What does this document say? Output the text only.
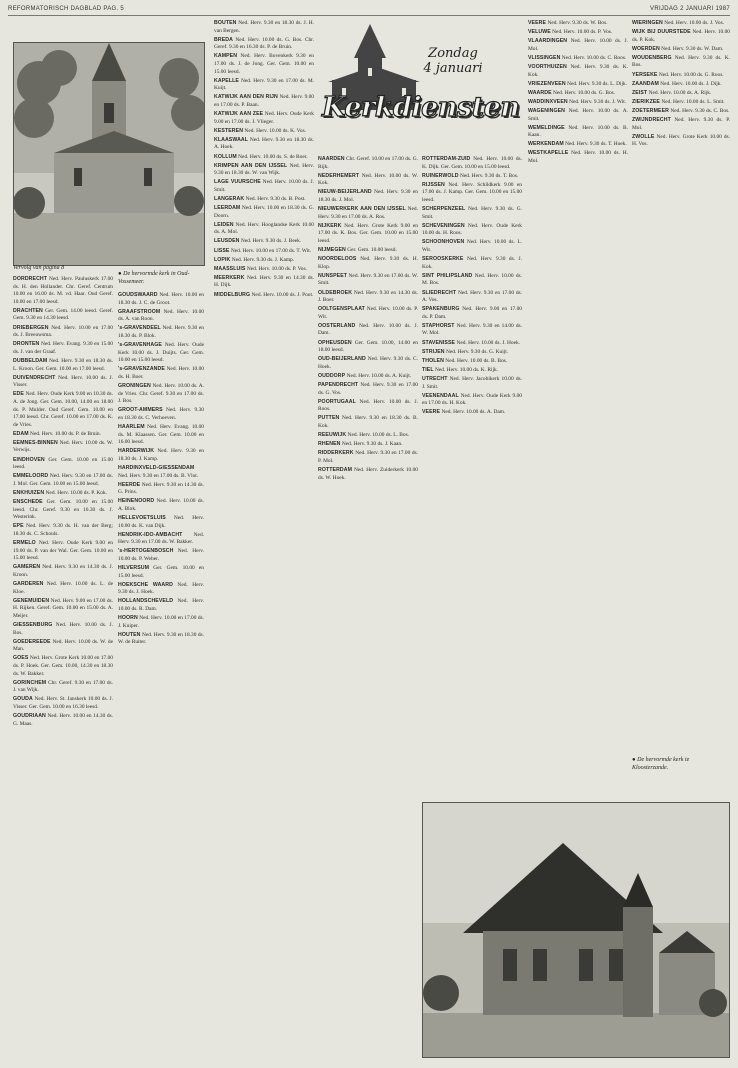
REFORMATORISCH DAGBLAD PAG. 5	VRIJDAG 2 JANUARI 1987
● De hervormde kerk in Oud-Vossemeer.

DORDRECHT Ned. Herv. Pauluskerk 17.00 ds. H. den Hollander. Chr. Geref. Centrum 10.00 en 16.00 ds. M. vd. Haar. Oud Geref. 10.00 en 17.00 leesd.

DRACHTEN Ger. Gem. 14.00 leesd. Geref. Gem. 9.30 en 14.30 leesd.

DRIEBERGEN Ned. Herv. 10.00 en 17.00 ds. J. Breeuwsma.

DRONTEN Ned. Herv. Evang. 9.30 en 15.00 ds. J. van der Graaf.

DUBBELDAM Ned. Herv. 9.30 en 18.30 ds. L. Kroon. Ger. Gem. 10.00 en 17.00 leesd.

DUIVENDRECHT Ned. Herv. 10.00 ds. J. Visser.

EDE Ned. Herv. Oude Kerk 9.00 en 10.30 ds. A. de Jong. Ger. Gem. 10.00, 14.00 en 18.00 ds. P. Mulder. Oud Geref. Gem. 10.00 en 17.00 leesd. Chr. Geref. 10.00 en 17.00 ds. K. de Vries.

EDAM Ned. Herv. 10.00 ds. P. de Bruin.

EEMNES-BINNEN Ned. Herv. 10.00 ds. W. Verwijs.

EINDHOVEN Ger. Gem. 10.00 en 15.00 leesd.

EMMELOORD Ned. Herv. 9.30 en 17.00 ds. J. Mol. Ger. Gem. 10.00 en 15.00 leesd.

ENKHUIZEN Ned. Herv. 10.00 ds. P. Kok.

ENSCHEDE Ger. Gem. 10.00 en 15.00 leesd. Chr. Geref. 9.30 en 16.30 ds. J. Westerink.

EPE Ned. Herv. 9.30 ds. H. van der Berg; 18.30 ds. C. Schouls.

ERMELO Ned. Herv. Oude Kerk 9.00 en 19.00 ds. P. van der Wal. Ger. Gem. 10.00 en 15.00 leesd.

GAMEREN Ned. Herv. 9.30 en 14.30 ds. J. Kroon.

GARDEREN Ned. Herv. 10.00 ds. L. de Kloe.

GENEMUIDEN Ned. Herv. 9.00 en 17.00 ds. H. Rijken. Geref. Gem. 10.00 en 15.00 ds. A. Meijer.

GIESSENBURG Ned. Herv. 10.00 ds. J. Bos.

GOEDEREEDE Ned. Herv. 10.00 ds. W. de Man.

GOES Ned. Herv. Grote Kerk 10.00 en 17.00 ds. P. Hoek. Ger. Gem. 10.00, 14.30 en 18.30 ds. W. Bakker.

GORINCHEM Chr. Geref. 9.30 en 17.00 ds. J. van Wijk.

GOUDA Ned. Herv. St. Janskerk 10.00 ds. J. Visser. Ger. Gem. 10.00 en 16.30 leesd.

GOUDRIAAN Ned. Herv. 10.00 en 14.30 ds. G. Maas.

GOUDSWAARD Ned. Herv. 10.00 en 18.30 ds. J. C. de Groot.

GRAAFSTROOM Ned. Herv. 10.00 ds. A. van Roon.

's-GRAVENDEEL Ned. Herv. 9.30 en 18.30 ds. P. Blok.

's-GRAVENHAGE Ned. Herv. Oude Kerk 10.00 ds. J. Duijts. Ger. Gem. 10.00 en 15.00 leesd.

's-GRAVENZANDE Ned. Herv. 10.00 ds. H. Boer.

GRONINGEN Ned. Herv. 10.00 ds. A. de Vries. Chr. Geref. 9.30 en 17.00 ds. J. Bos.

GROOT-AMMERS Ned. Herv. 9.30 en 18.30 ds. C. Verhoeven.

HAARLEM Ned. Herv. Evang. 10.00 ds. M. Klaassen. Ger. Gem. 10.00 en 16.00 leesd.

HARDERWIJK Ned. Herv. 9.30 en 18.30 ds. J. Kamp.

HARDINXVELD-GIESSENDAM Ned. Herv. 9.30 en 17.00 ds. B. Vlot.

HEERDE Ned. Herv. 9.30 en 14.30 ds. G. Prins.

HEINENOORD Ned. Herv. 10.00 ds. A. Blok.

HELLEVOETSLUIS Ned. Herv. 10.00 ds. K. van Dijk.

HENDRIK-IDO-AMBACHT Ned. Herv. 9.30 en 17.00 ds. W. Bakker.

's-HERTOGENBOSCH Ned. Herv. 10.00 ds. P. Weber.

HILVERSUM Ger. Gem. 10.00 en 15.00 leesd.

HOEKSCHE WAARD Ned. Herv. 9.30 ds. J. Hoek.

HOLLANDSCHEVELD Ned. Herv. 10.00 ds. R. Dam.

HOORN Ned. Herv. 10.00 en 17.00 ds. J. Kuiper.

HOUTEN Ned. Herv. 9.30 en 18.30 ds. W. de Ruiter.

BOUTEN Ned. Herv. 9.30 en 18.30 ds. J. H. van Bergen.

BREDA Ned. Herv. 10.00 ds. G. Bos. Chr. Geref. 9.30 en 16.30 ds. P. de Bruin.

KAMPEN Ned. Herv. Bovenkerk 9.30 en 17.00 ds. J. de Jong. Ger. Gem. 10.00 en 15.00 leesd.

KAPELLE Ned. Herv. 9.30 en 17.00 ds. M. Kuijt.

KATWIJK AAN DEN RIJN Ned. Herv. 9.00 en 17.00 ds. P. Baan.

KATWIJK AAN ZEE Ned. Herv. Oude Kerk 9.00 en 17.00 ds. J. Vlieger.

KESTEREN Ned. Herv. 10.00 ds. K. Vos.

KLAASWAAL Ned. Herv. 9.30 en 18.30 ds. A. Hoek.

KOLLUM Ned. Herv. 10.00 ds. S. de Boer.

KRIMPEN AAN DEN IJSSEL Ned. Herv. 9.30 en 18.30 ds. W. van Wijk.

LAGE VUURSCHE Ned. Herv. 10.00 ds. J. Smit.

LANGERAK Ned. Herv. 9.30 ds. B. Post.

LEERDAM Ned. Herv. 10.00 en 18.30 ds. G. Doorn.

LEIDEN Ned. Herv. Hooglandse Kerk 10.00 ds. A. Mol.

LEUSDEN Ned. Herv. 9.30 ds. J. Beek.

LISSE Ned. Herv. 10.00 en 17.00 ds. T. Wit.

LOPIK Ned. Herv. 9.30 ds. J. Kamp.

MAASSLUIS Ned. Herv. 10.00 ds. P. Vos.

MEERKERK Ned. Herv. 9.30 en 14.30 ds. H. Dijk.

MIDDELBURG Ned. Herv. 10.00 ds. J. Poot.

Zondag
4 januari
Kerkdiensten

NAARDEN Chr. Geref. 10.00 en 17.00 ds. G. Rijk.

NEDERHEMERT Ned. Herv. 10.00 ds. W. Kok.

NIEUW-BEIJERLAND Ned. Herv. 9.30 en 18.30 ds. J. Mol.

NIEUWERKERK AAN DEN IJSSEL Ned. Herv. 9.30 en 17.00 ds. A. Ros.

NIJKERK Ned. Herv. Grote Kerk 9.00 en 17.00 ds. K. Bos. Ger. Gem. 10.00 en 15.00 leesd.

NIJMEGEN Ger. Gem. 10.00 leesd.

NOORDELOOS Ned. Herv. 9.30 ds. H. Klop.

NUNSPEET Ned. Herv. 9.30 en 17.00 ds. W. Smit.

OLDEBROEK Ned. Herv. 9.30 en 14.30 ds. J. Boer.

OOLTGENSPLAAT Ned. Herv. 10.00 ds. P. Wit.

OOSTERLAND Ned. Herv. 10.00 ds. J. Dam.

OPHEUSDEN Ger. Gem. 10.00, 14.00 en 18.00 leesd.

OUD-BEIJERLAND Ned. Herv. 9.30 ds. C. Hoek.

OUDDORP Ned. Herv. 10.00 ds. A. Kuijt.

PAPENDRECHT Ned. Herv. 9.30 en 17.00 ds. G. Vos.

POORTUGAAL Ned. Herv. 10.00 ds. J. Roos.

PUTTEN Ned. Herv. 9.30 en 18.30 ds. B. Kok.

REEUWIJK Ned. Herv. 10.00 ds. L. Bos.

RHENEN Ned. Herv. 9.30 ds. J. Kaan.

RIDDERKERK Ned. Herv. 9.30 en 17.00 ds. P. Mol.

ROTTERDAM Ned. Herv. Zuiderkerk 10.00 ds. W. Hoek.

ROTTERDAM-ZUID Ned. Herv. 10.00 ds. K. Dijk. Ger. Gem. 10.00 en 15.00 leesd.

RUINERWOLD Ned. Herv. 9.30 ds. T. Bos.

RIJSSEN Ned. Herv. Schildkerk 9.00 en 17.00 ds. J. Kamp. Ger. Gem. 10.00 en 15.00 leesd.

SCHERPENZEEL Ned. Herv. 9.30 ds. G. Smit.

SCHEVENINGEN Ned. Herv. Oude Kerk 10.00 ds. H. Roos.

SCHOONHOVEN Ned. Herv. 10.00 ds. L. Wit.

SEROOSKERKE Ned. Herv. 9.30 ds. J. Kok.

SINT PHILIPSLAND Ned. Herv. 10.00 ds. M. Bos.

SLIEDRECHT Ned. Herv. 9.30 en 17.00 ds. A. Vos.

SPAKENBURG Ned. Herv. 9.00 en 17.00 ds. P. Dam.

STAPHORST Ned. Herv. 9.30 en 14.00 ds. W. Mol.

STAVENISSE Ned. Herv. 10.00 ds. J. Hoek.

STRIJEN Ned. Herv. 9.30 ds. G. Kuijt.

THOLEN Ned. Herv. 10.00 ds. B. Bos.

TIEL Ned. Herv. 10.00 ds. K. Rijk.

UTRECHT Ned. Herv. Jacobikerk 10.00 ds. J. Smit.

VEENENDAAL Ned. Herv. Oude Kerk 9.00 en 17.00 ds. H. Kok.

VEERE Ned. Herv. 10.00 ds. A. Dam.

VEERE Ned. Herv. 9.30 ds. W. Bos.

VELUWE Ned. Herv. 10.00 ds. P. Vos.

VLAARDINGEN Ned. Herv. 10.00 ds. J. Mol.

VLISSINGEN Ned. Herv. 10.00 ds. C. Roos.

VOORTHUIZEN Ned. Herv. 9.30 ds. K. Kok.

VRIEZENVEEN Ned. Herv. 9.30 ds. L. Dijk.

WAARDE Ned. Herv. 10.00 ds. G. Bos.

WADDINXVEEN Ned. Herv. 9.30 ds. J. Wit.

WAGENINGEN Ned. Herv. 10.00 ds. A. Smit.

WEMELDINGE Ned. Herv. 10.00 ds. B. Kaan.

WERKENDAM Ned. Herv. 9.30 ds. T. Hoek.

WESTKAPELLE Ned. Herv. 10.00 ds. H. Mol.

WIERINGEN Ned. Herv. 10.00 ds. J. Vos.

WIJK BIJ DUURSTEDE Ned. Herv. 10.00 ds. P. Kok.

WOERDEN Ned. Herv. 9.30 ds. W. Dam.

WOUDENBERG Ned. Herv. 9.30 ds. K. Bos.

YERSEKE Ned. Herv. 10.00 ds. G. Roos.

ZAANDAM Ned. Herv. 10.00 ds. J. Dijk.

ZEIST Ned. Herv. 10.00 ds. A. Rijk.

ZIERIKZEE Ned. Herv. 10.00 ds. L. Smit.

ZOETERMEER Ned. Herv. 9.30 ds. C. Bos.

ZWIJNDRECHT Ned. Herv. 9.30 ds. P. Mol.

ZWOLLE Ned. Herv. Grote Kerk 10.00 ds. H. Vos.

● De hervormde kerk te Kloosterzande.
Vervolg van pagina 8
